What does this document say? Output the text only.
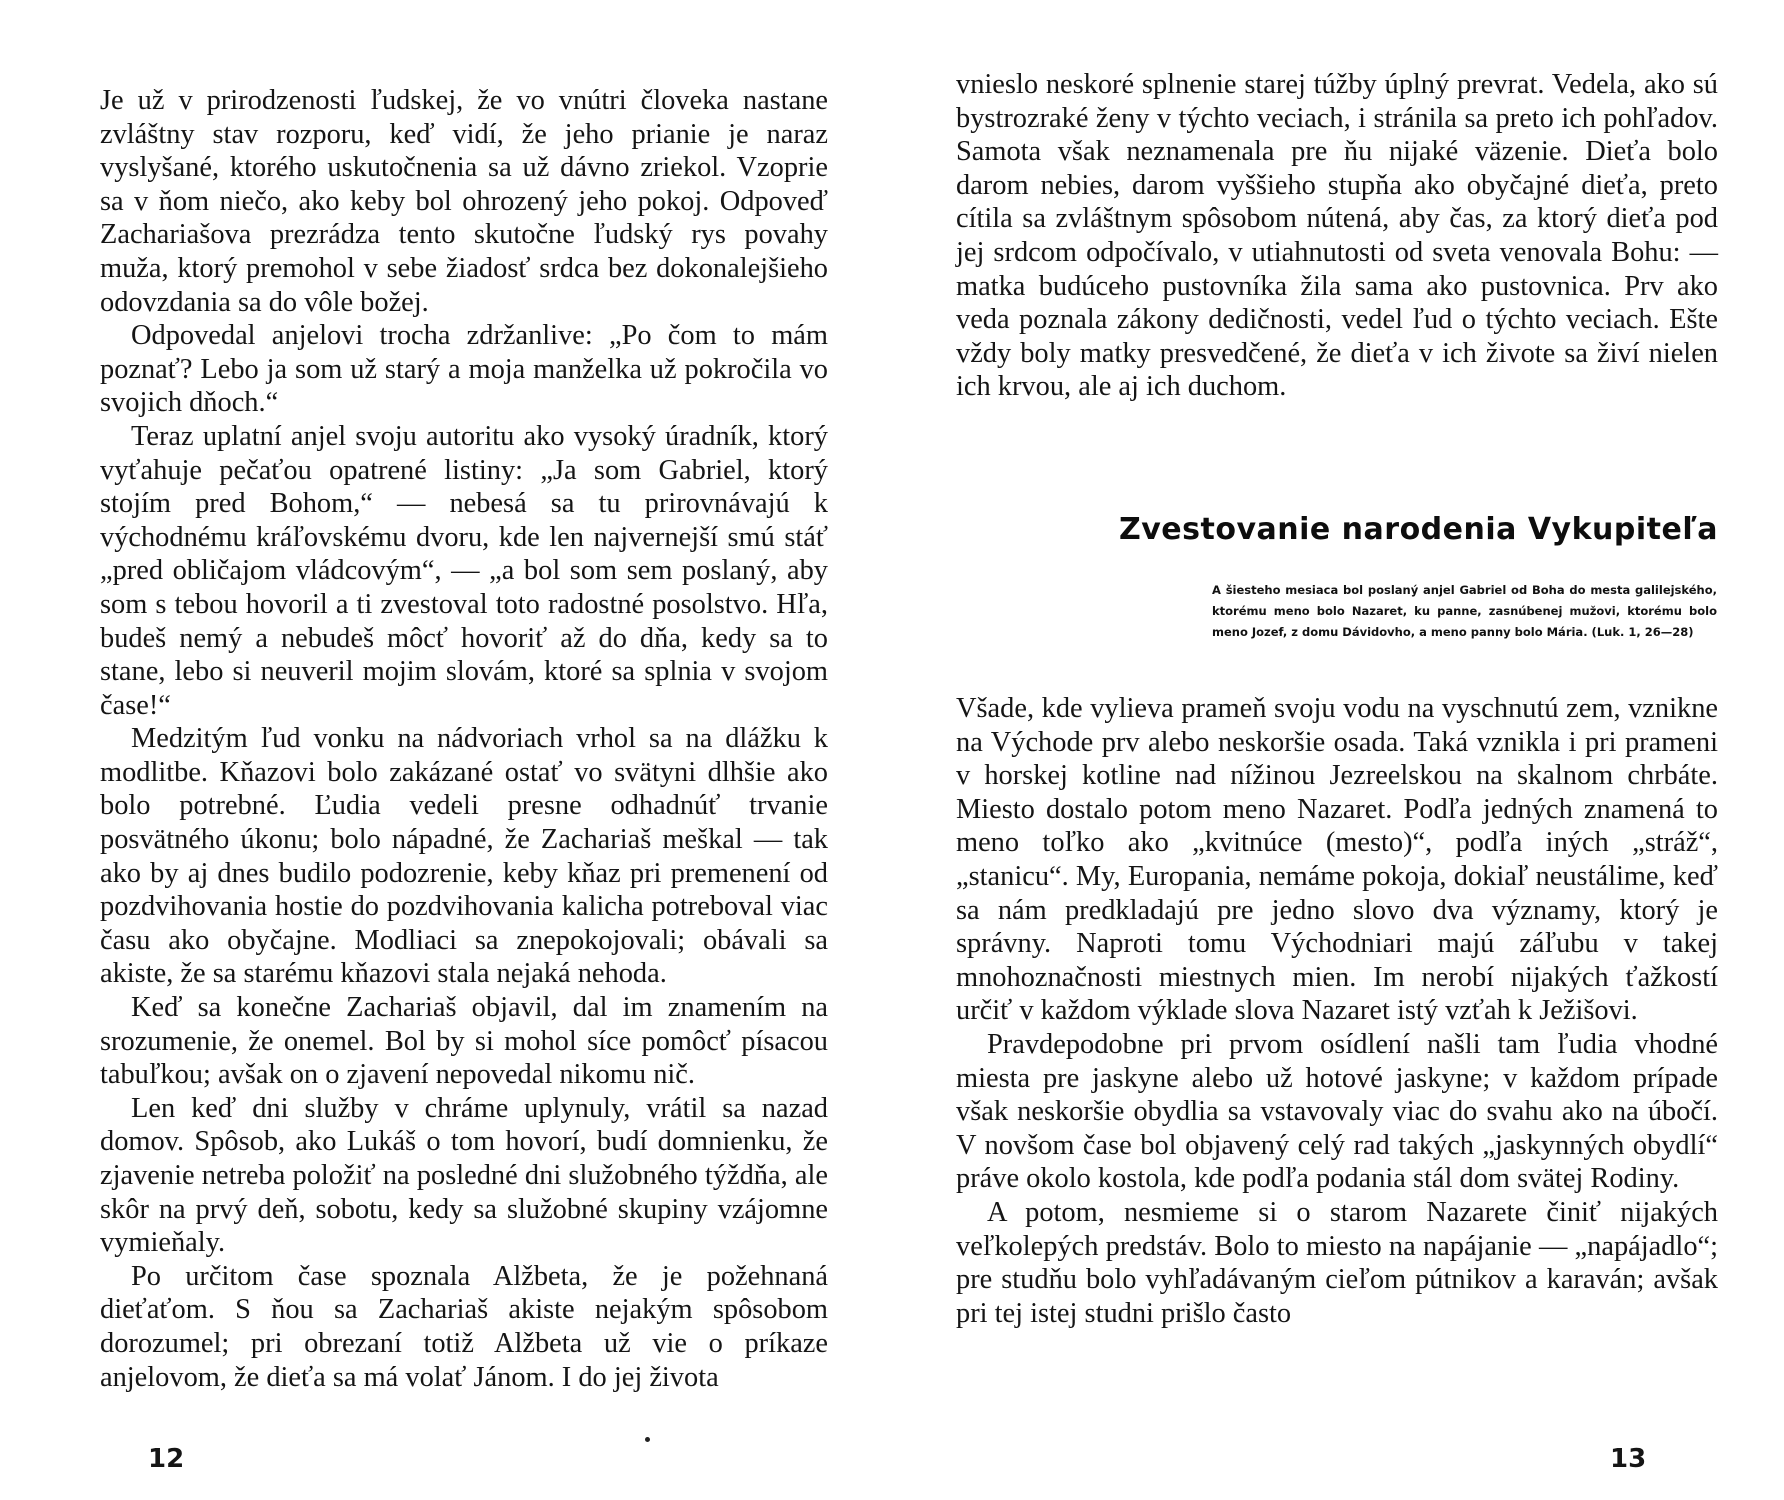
Je už v prirodzenosti ľudskej, že vo vnútri človeka nastane zvláštny stav rozporu, keď vidí, že jeho prianie je naraz vyslyšané, ktorého uskutočnenia sa už dávno zriekol. Vzoprie sa v ňom niečo, ako keby bol ohrozený jeho pokoj. Odpoveď Zachariašova prezrádza tento skutočne ľudský rys povahy muža, ktorý premohol v sebe žiadosť srdca bez dokonalejšieho odovzdania sa do vôle božej.

Odpovedal anjelovi trocha zdržanlive: „Po čom to mám poznať? Lebo ja som už starý a moja manželka už pokročila vo svojich dňoch.“

Teraz uplatní anjel svoju autoritu ako vysoký úradník, ktorý vyťahuje pečaťou opatrené listiny: „Ja som Gabriel, ktorý stojím pred Bohom,“ — nebesá sa tu prirovnávajú k východnému kráľovskému dvoru, kde len najvernejší smú stáť „pred obličajom vládcovým“, — „a bol som sem poslaný, aby som s tebou hovoril a ti zvestoval toto radostné posolstvo. Hľa, budeš nemý a nebudeš môcť hovoriť až do dňa, kedy sa to stane, lebo si neuveril mojim slovám, ktoré sa splnia v svojom čase!“

Medzitým ľud vonku na nádvoriach vrhol sa na dlážku k modlitbe. Kňazovi bolo zakázané ostať vo svätyni dlhšie ako bolo potrebné. Ľudia vedeli presne odhadnúť trvanie posvätného úkonu; bolo nápadné, že Zachariaš meškal — tak ako by aj dnes budilo podozrenie, keby kňaz pri premenení od pozdvihovania hostie do pozdvihovania kalicha potreboval viac času ako obyčajne. Modliaci sa znepokojovali; obávali sa akiste, že sa starému kňazovi stala nejaká nehoda.

Keď sa konečne Zachariaš objavil, dal im znamením na srozumenie, že onemel. Bol by si mohol síce pomôcť písacou tabuľkou; avšak on o zjavení nepovedal nikomu nič.

Len keď dni služby v chráme uplynuly, vrátil sa nazad domov. Spôsob, ako Lukáš o tom hovorí, budí domnienku, že zjavenie netreba položiť na posledné dni služobného týždňa, ale skôr na prvý deň, sobotu, kedy sa služobné skupiny vzájomne vymieňaly.

Po určitom čase spoznala Alžbeta, že je požehnaná dieťaťom. S ňou sa Zachariaš akiste nejakým spôsobom dorozumel; pri obrezaní totiž Alžbeta už vie o príkaze anjelovom, že dieťa sa má volať Jánom. I do jej života

12

vnieslo neskoré splnenie starej túžby úplný prevrat. Vedela, ako sú bystrozraké ženy v týchto veciach, i stránila sa preto ich pohľadov. Samota však neznamenala pre ňu nijaké väzenie. Dieťa bolo darom nebies, darom vyššieho stupňa ako obyčajné dieťa, preto cítila sa zvláštnym spôsobom nútená, aby čas, za ktorý dieťa pod jej srdcom odpočívalo, v utiahnutosti od sveta venovala Bohu: — matka budúceho pustovníka žila sama ako pustovnica. Prv ako veda poznala zákony dedičnosti, vedel ľud o týchto veciach. Ešte vždy boly matky presvedčené, že dieťa v ich živote sa živí nielen ich krvou, ale aj ich duchom.

Zvestovanie narodenia Vykupiteľa

A šiesteho mesiaca bol poslaný anjel Gabriel od Boha do mesta galilejského, ktorému meno bolo Nazaret, ku panne, zasnúbenej mužovi, ktorému bolo meno Jozef, z domu Dávidovho, a meno panny bolo Mária. (Luk. 1, 26—28)

Všade, kde vylieva prameň svoju vodu na vyschnutú zem, vznikne na Východe prv alebo neskoršie osada. Taká vznikla i pri prameni v horskej kotline nad nížinou Jezreelskou na skalnom chrbáte. Miesto dostalo potom meno Nazaret. Podľa jedných znamená to meno toľko ako „kvitnúce (mesto)“, podľa iných „stráž“, „stanicu“. My, Europania, nemáme pokoja, dokiaľ neustálime, keď sa nám predkladajú pre jedno slovo dva významy, ktorý je správny. Naproti tomu Východniari majú záľubu v takej mnohoznačnosti miestnych mien. Im nerobí nijakých ťažkostí určiť v každom výklade slova Nazaret istý vzťah k Ježišovi.

Pravdepodobne pri prvom osídlení našli tam ľudia vhodné miesta pre jaskyne alebo už hotové jaskyne; v každom prípade však neskoršie obydlia sa vstavovaly viac do svahu ako na úbočí. V novšom čase bol objavený celý rad takých „jaskynných obydlí“ práve okolo kostola, kde podľa podania stál dom svätej Rodiny.

A potom, nesmieme si o starom Nazarete činiť nijakých veľkolepých predstáv. Bolo to miesto na napájanie — „napájadlo“; pre studňu bolo vyhľadávaným cieľom pútnikov a karaván; avšak pri tej istej studni prišlo často

13
